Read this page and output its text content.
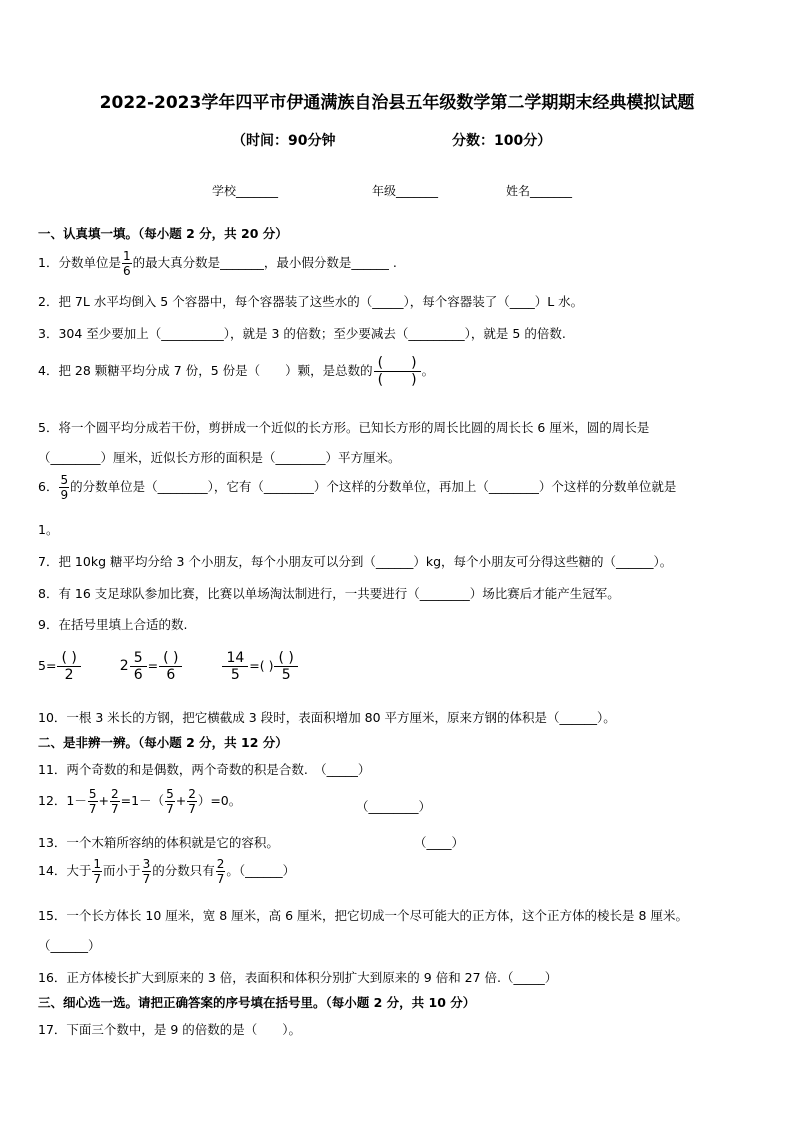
2022-2023学年四平市伊通满族自治县五年级数学第二学期期末经典模拟试题
（时间：90分钟	分数：100分）
学校_______	年级_______	姓名_______
一、认真填一填。（每小题 2 分，共 20 分）
1．分数单位是 $\frac{1}{6}$ 的最大真分数是_______，最小假分数是______ .
2．把 7L 水平均倒入 5 个容器中，每个容器装了这些水的（_____），每个容器装了（____）L 水。
3．304 至少要加上（__________），就是 3 的倍数；至少要减去（_________），就是 5 的倍数.
4．把 28 颗糖平均分成 7 份，5 份是（　　）颗，是总数的 $\frac{( )}{( )}$ 。
5．将一个圆平均分成若干份，剪拼成一个近似的长方形。已知长方形的周长比圆的周长长 6 厘米，圆的周长是
（________）厘米，近似长方形的面积是（________）平方厘米。
6． $\frac{5}{9}$ 的分数单位是（________），它有（________）个这样的分数单位，再加上（________）个这样的分数单位就是
1。
7．把 10kg 糖平均分给 3 个小朋友，每个小朋友可以分到（______）kg，每个小朋友可分得这些糖的（______）。
8．有 16 支足球队参加比赛，比赛以单场淘汰制进行，一共要进行（________）场比赛后才能产生冠军。
9．在括号里填上合适的数.
$5= \frac{( )}{2}$	$2 \frac{5}{6} = \frac{( )}{6}$
	$\frac{14}{5}$ =( ) $\frac{( )}{5}$
10．一根 3 米长的方钢，把它横截成 3 段时，表面积增加 80 平方厘米，原来方钢的体积是（______）。
二、是非辨一辨。（每小题 2 分，共 12 分）
11．两个奇数的和是偶数，两个奇数的积是合数.　（_____）
12．$1- \frac{5}{7} + \frac{2}{7} =1-( \frac{5}{7} + \frac{2}{7} )=0$。	（________）
13．一个木箱所容纳的体积就是它的容积。	（____）
14．大于 $\frac{1}{7}$ 而小于 $\frac{3}{7}$ 的分数只有 $\frac{2}{7}$ 。（______）
15．一个长方体长 10 厘米，宽 8 厘米，高 6 厘米，把它切成一个尽可能大的正方体，这个正方体的棱长是 8 厘米。
（______）
16．正方体棱长扩大到原来的 3 倍，表面积和体积分别扩大到原来的 9 倍和 27 倍.（_____）
三、细心选一选。请把正确答案的序号填在括号里。（每小题 2 分，共 10 分）
17．下面三个数中，是 9 的倍数的是（　　）。
